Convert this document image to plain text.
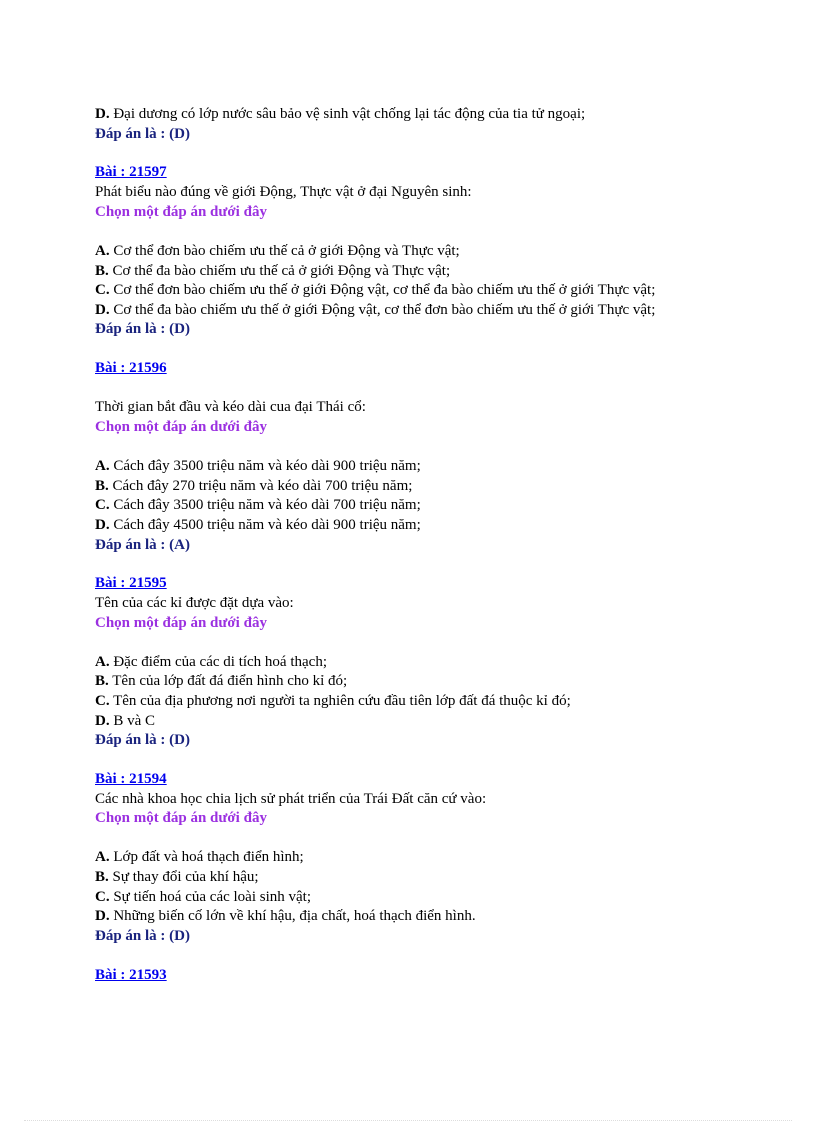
D. Đại dương có lớp nước sâu bảo vệ sinh vật chống lại tác động của tia tử ngoại;
Đáp án là : (D)
Bài : 21597
Phát biểu nào đúng về giới Động, Thực vật ở đại Nguyên sinh:
Chọn một đáp án dưới đây
A. Cơ thể đơn bào chiếm ưu thế cả ở giới Động và Thực vật;
B. Cơ thể đa bào chiếm ưu thế cả ở giới Động và Thực vật;
C. Cơ thể đơn bào chiếm ưu thế ở giới Động vật, cơ thể đa bào chiếm ưu thế ở giới Thực vật;
D. Cơ thể đa bào chiếm ưu thế ở giới Động vật, cơ thể đơn bào chiếm ưu thế ở giới Thực vật;
Đáp án là : (D)
Bài : 21596
Thời gian bắt đầu và kéo dài cua đại Thái cổ:
Chọn một đáp án dưới đây
A. Cách đây 3500 triệu năm và kéo dài 900 triệu năm;
B. Cách đây 270 triệu năm và kéo dài 700 triệu năm;
C. Cách đây 3500 triệu năm và kéo dài 700 triệu năm;
D. Cách đây 4500 triệu năm và kéo dài 900 triệu năm;
Đáp án là : (A)
Bài : 21595
Tên của các kỉ được đặt dựa vào:
Chọn một đáp án dưới đây
A. Đặc điểm của các di tích hoá thạch;
B. Tên của lớp đất đá điển hình cho kỉ đó;
C. Tên của địa phương nơi người ta nghiên cứu đầu tiên lớp đất đá thuộc kỉ đó;
D. B và C
Đáp án là : (D)
Bài : 21594
Các nhà khoa học chia lịch sử phát triển của Trái Đất căn cứ vào:
Chọn một đáp án dưới đây
A. Lớp đất và hoá thạch điển hình;
B. Sự thay đổi của khí hậu;
C. Sự tiến hoá của các loài sinh vật;
D. Những biến cố lớn về khí hậu, địa chất, hoá thạch điển hình.
Đáp án là : (D)
Bài : 21593
